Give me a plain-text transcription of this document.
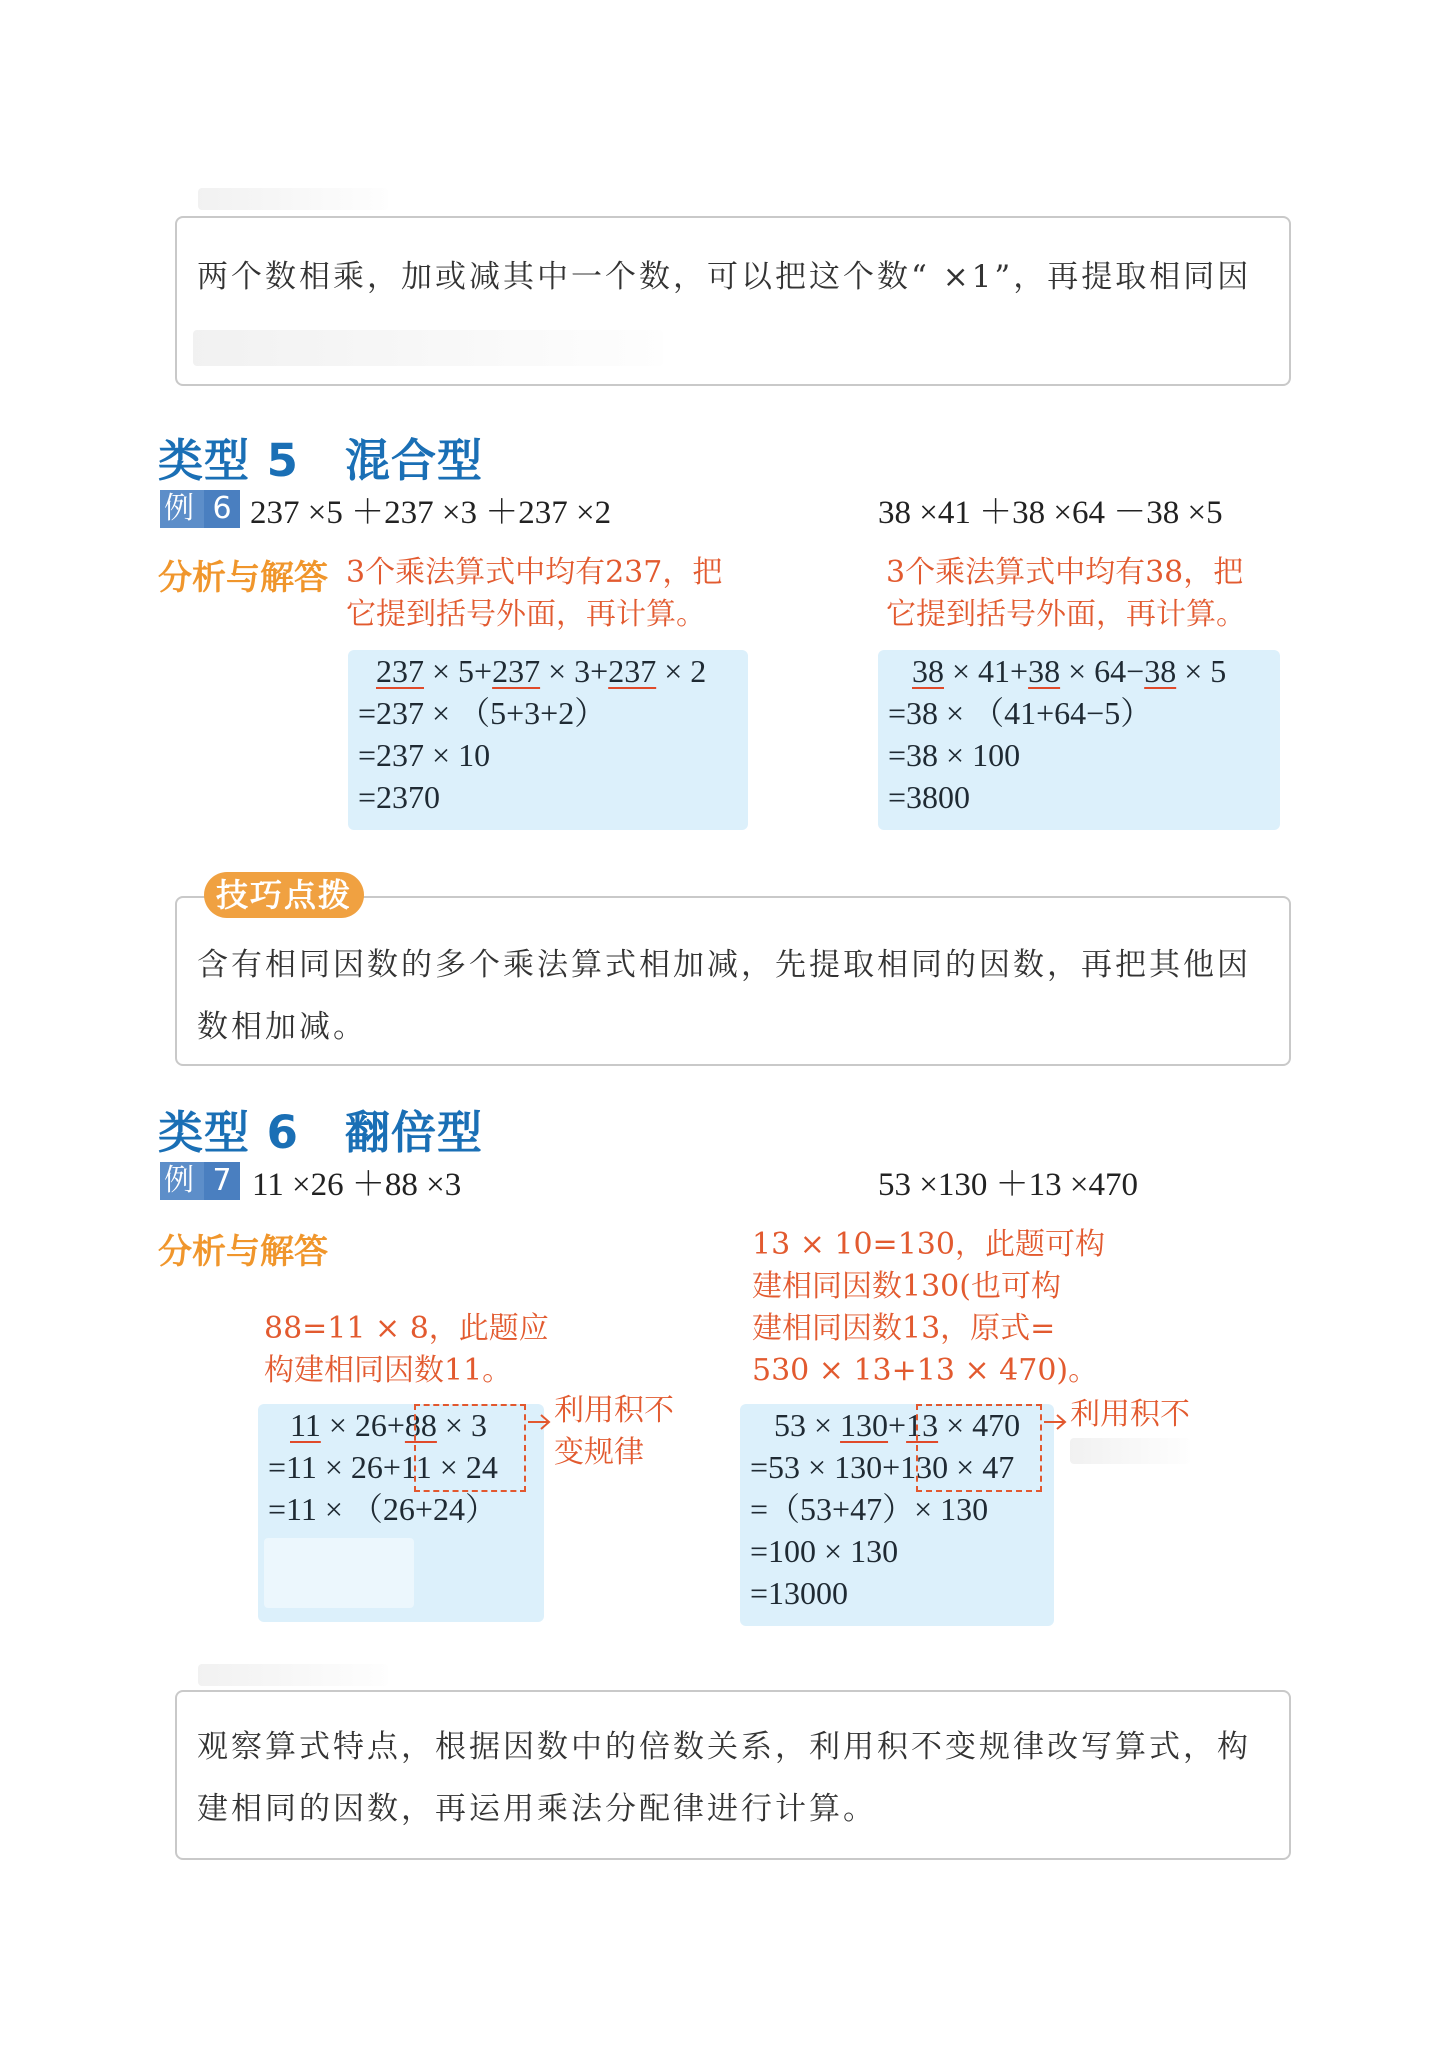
两个数相乘，加或减其中一个数，可以把这个数“ ×1”，再提取相同因
类型 5　混合型
例 6 237 ×5 ＋237 ×3 ＋237 ×2	38 ×41 ＋38 ×64 －38 ×5
分析与解答 3个乘法算式中均有237，把
它提到括号外面，再计算。
3个乘法算式中均有38，把
它提到括号外面，再计算。
237 × 5+237 × 3+237 × 2
=237 × （5+3+2）
=237 × 10
=2370
38 × 41+38 × 64−38 × 5
=38 × （41+64−5）
=38 × 100
=3800
含有相同因数的多个乘法算式相加减，先提取相同的因数，再把其他因
数相加减。
技巧点拨
类型 6　翻倍型
例 7 11 ×26 ＋88 ×3	53 ×130 ＋13 ×470
分析与解答
88=11 × 8，此题应
构建相同因数11。
13 × 10=130，此题可构
建相同因数130(也可构
建相同因数13，原式=
530 × 13+13 × 470)。
11 × 26+88 × 3
=11 × 26+11 × 24
=11 × （26+24）
利用积不
变规律
53 × 130+13 × 470
=53 × 130+130 × 47
=（53+47）× 130
=100 × 130
=13000
利用积不
观察算式特点，根据因数中的倍数关系，利用积不变规律改写算式，构
建相同的因数，再运用乘法分配律进行计算。
